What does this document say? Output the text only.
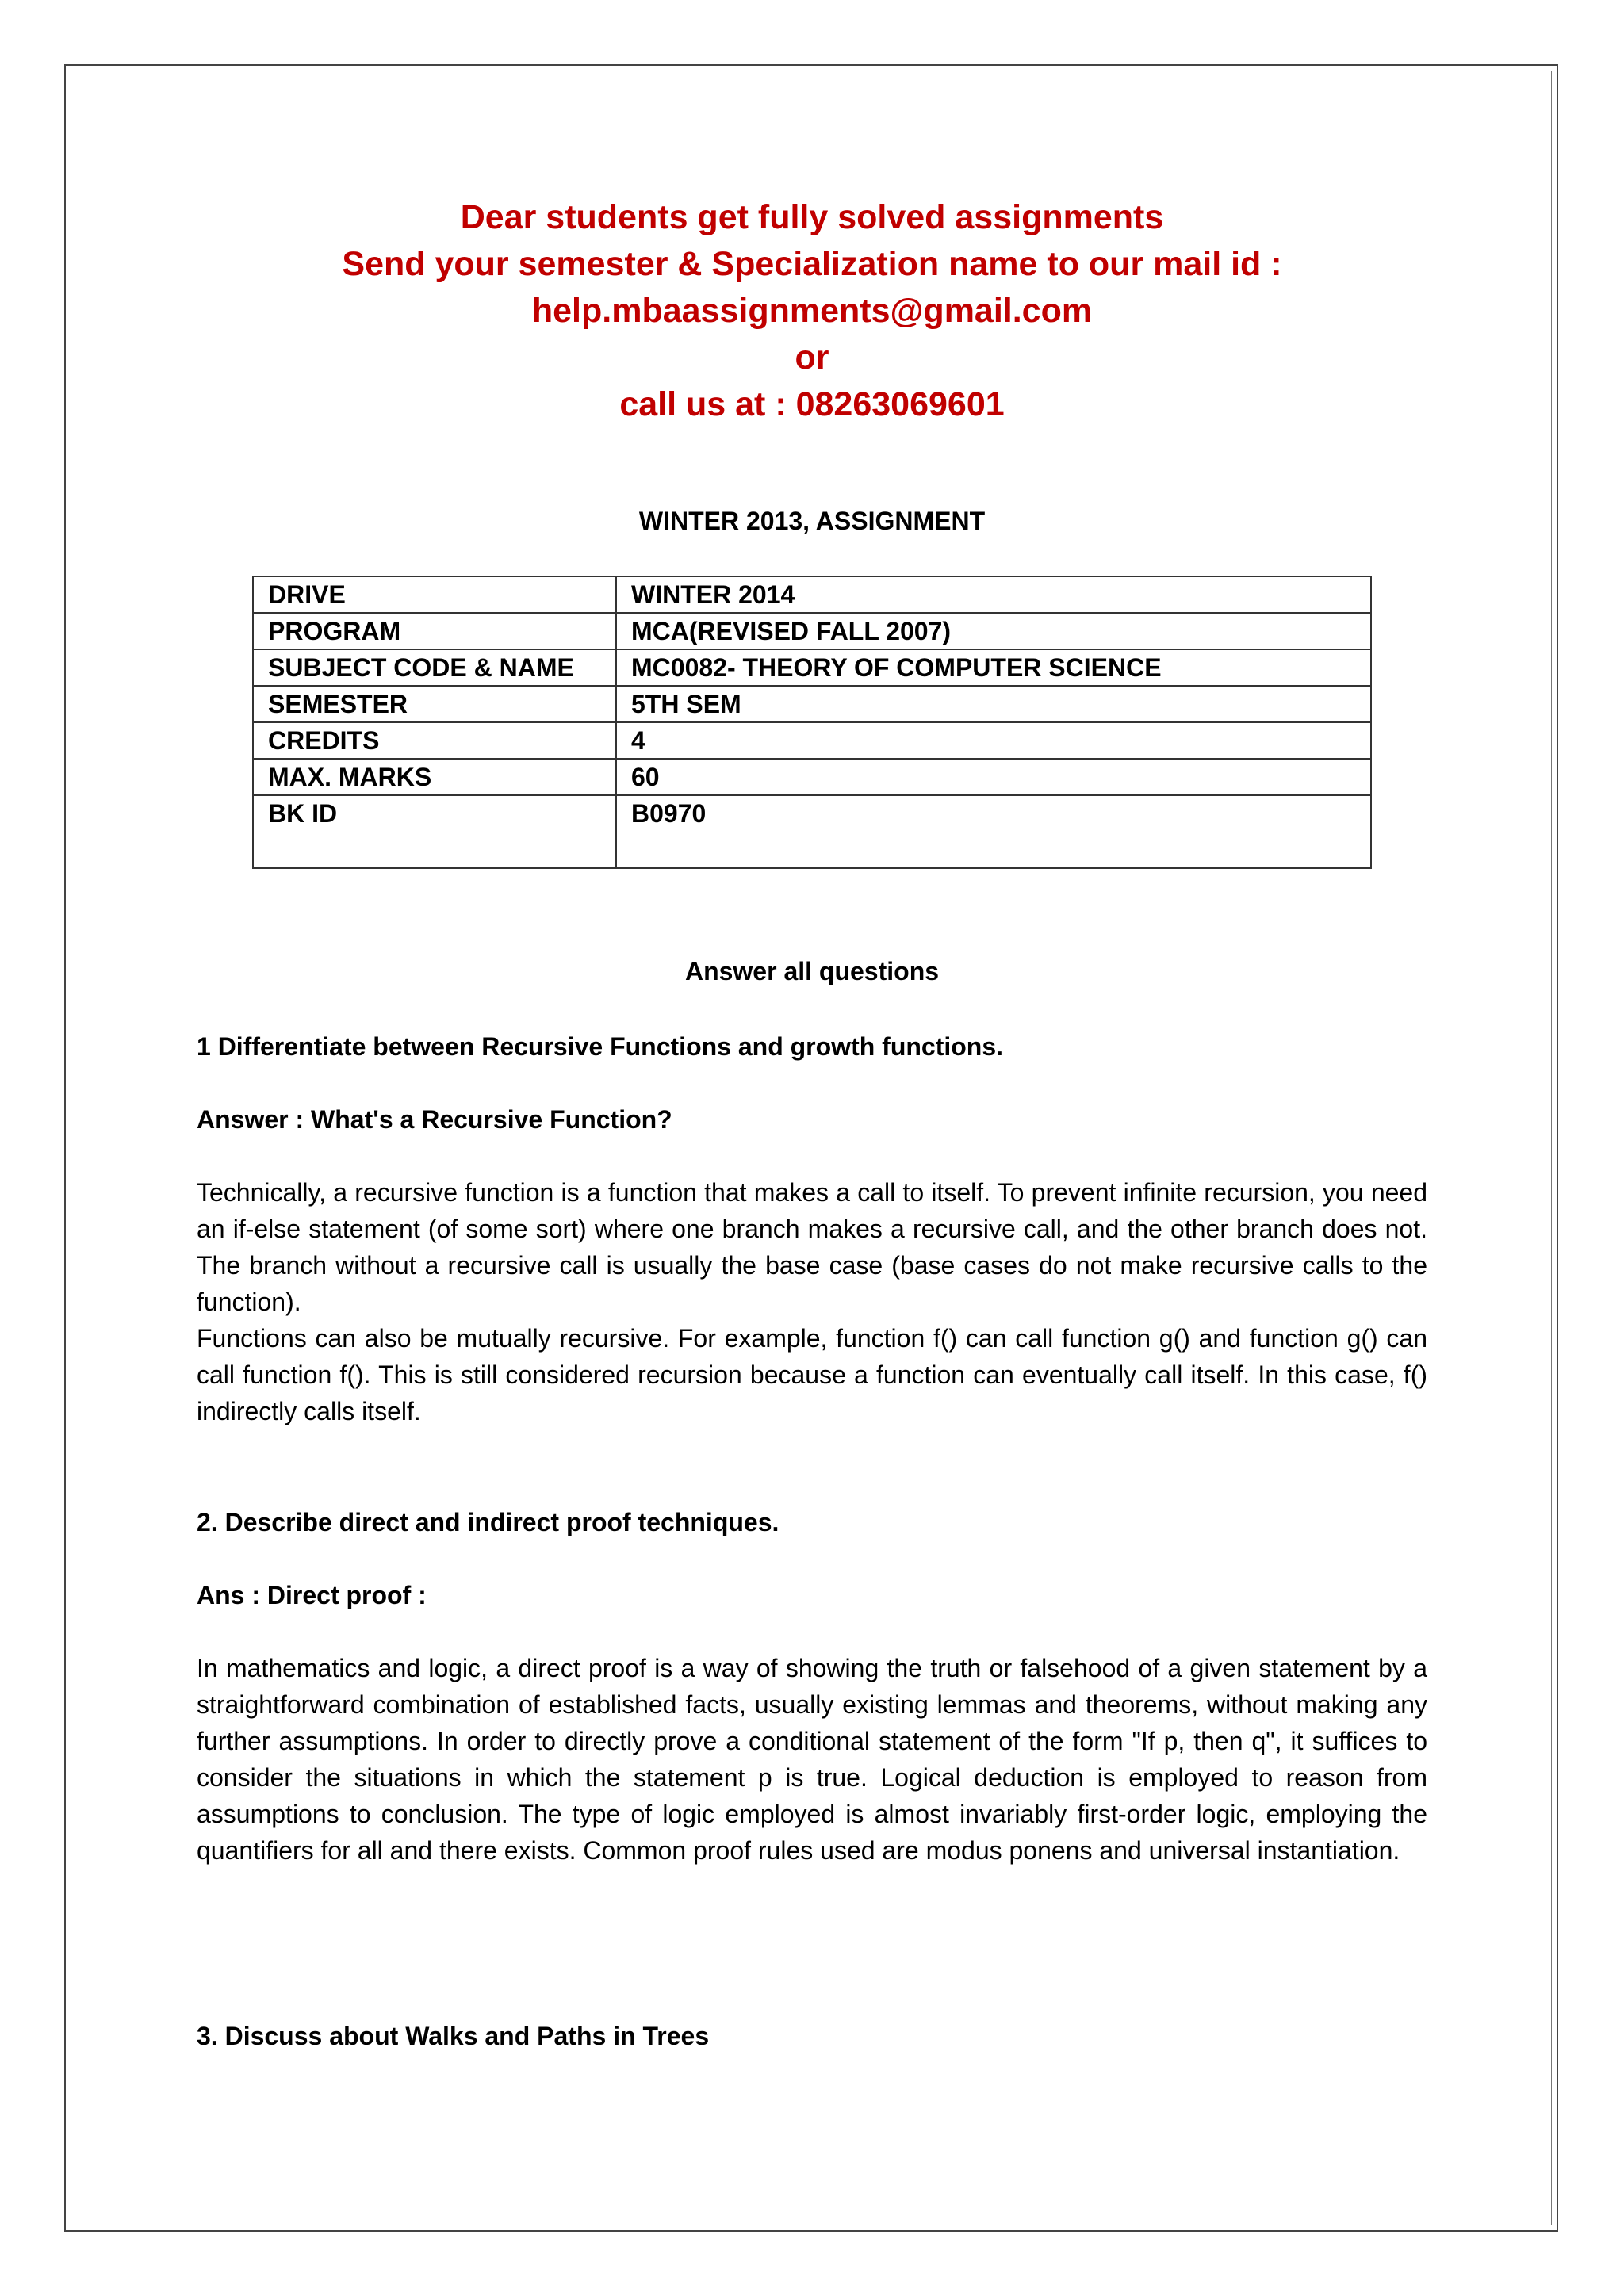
Dear students get fully solved assignments
Send your semester & Specialization name to our mail id :
help.mbaassignments@gmail.com
or
call us at : 08263069601
WINTER 2013, ASSIGNMENT
DRIVE	WINTER 2014
PROGRAM	MCA(REVISED FALL 2007)
SUBJECT CODE & NAME	MC0082- THEORY OF COMPUTER SCIENCE
SEMESTER	5TH SEM
CREDITS	4
MAX. MARKS	60
BK ID	B0970
Answer all questions
1 Differentiate between Recursive Functions and growth functions.
Answer : What's a Recursive Function?

Technically, a recursive function is a function that makes a call to itself. To prevent infinite recursion, you need an if-else statement (of some sort) where one branch makes a recursive call, and the other branch does not. The branch without a recursive call is usually the base case (base cases do not make recursive calls to the function).

Functions can also be mutually recursive. For example, function f() can call function g() and function g() can call function f(). This is still considered recursion because a function can eventually call itself. In this case, f() indirectly calls itself.

2. Describe direct and indirect proof techniques.
Ans : Direct proof :

In mathematics and logic, a direct proof is a way of showing the truth or falsehood of a given statement by a straightforward combination of established facts, usually existing lemmas and theorems, without making any further assumptions. In order to directly prove a conditional statement of the form "If p, then q", it suffices to consider the situations in which the statement p is true. Logical deduction is employed to reason from assumptions to conclusion. The type of logic employed is almost invariably first-order logic, employing the quantifiers for all and there exists. Common proof rules used are modus ponens and universal instantiation.

3. Discuss about Walks and Paths in Trees
